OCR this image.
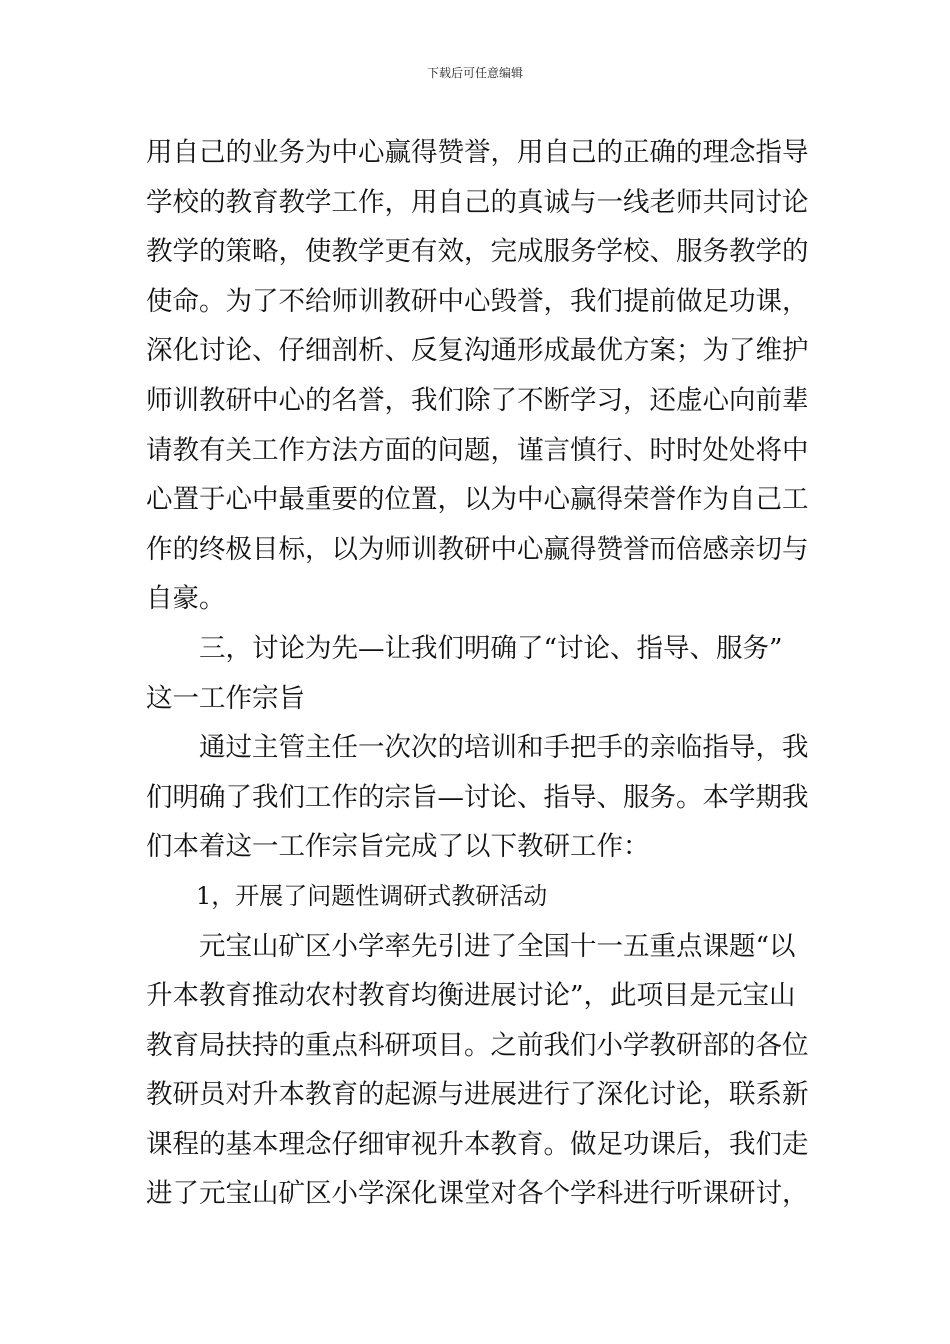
下载后可任意编辑
用自己的业务为中心赢得赞誉，用自己的正确的理念指导
学校的教育教学工作，用自己的真诚与一线老师共同讨论
教学的策略，使教学更有效，完成服务学校、服务教学的
使命。为了不给师训教研中心毁誉，我们提前做足功课，
深化讨论、仔细剖析、反复沟通形成最优方案；为了维护
师训教研中心的名誉，我们除了不断学习，还虚心向前辈
请教有关工作方法方面的问题，谨言慎行、时时处处将中
心置于心中最重要的位置，以为中心赢得荣誉作为自己工
作的终极目标，以为师训教研中心赢得赞誉而倍感亲切与
自豪。
三，讨论为先—让我们明确了“讨论、指导、服务”
这一工作宗旨
通过主管主任一次次的培训和手把手的亲临指导，我
们明确了我们工作的宗旨—讨论、指导、服务。本学期我
们本着这一工作宗旨完成了以下教研工作：
1，开展了问题性调研式教研活动
元宝山矿区小学率先引进了全国十一五重点课题“以
升本教育推动农村教育均衡进展讨论”，此项目是元宝山
教育局扶持的重点科研项目。之前我们小学教研部的各位
教研员对升本教育的起源与进展进行了深化讨论，联系新
课程的基本理念仔细审视升本教育。做足功课后，我们走
进了元宝山矿区小学深化课堂对各个学科进行听课研讨，
